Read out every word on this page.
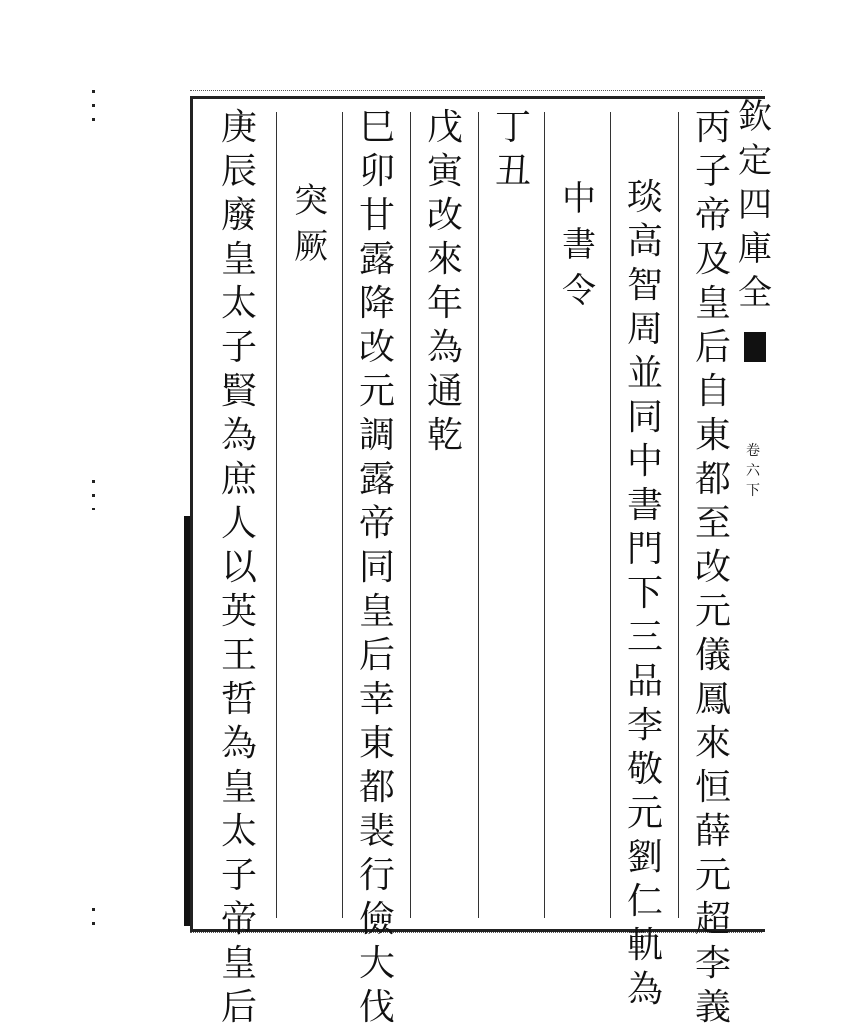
丙
子
帝
及
皇
后
自
東
都
至
改
元
儀
鳳
來
恒
薛
元
超
李
義
琰
高
智
周
並
同
中
書
門
下
三
品
李
敬
元
劉
仁
軌
為
中
書
令
丁
丑
戊
寅
改
來
年
為
通
乾
巳
卯
甘
露
降
改
元
調
露
帝
同
皇
后
幸
東
都
裴
行
儉
大
伐
突
厥
庚
辰
廢
皇
太
子
賢
為
庶
人
以
英
王
哲
為
皇
太
子
帝
皇
后
欽
定
四
庫
全
卷
六
下
